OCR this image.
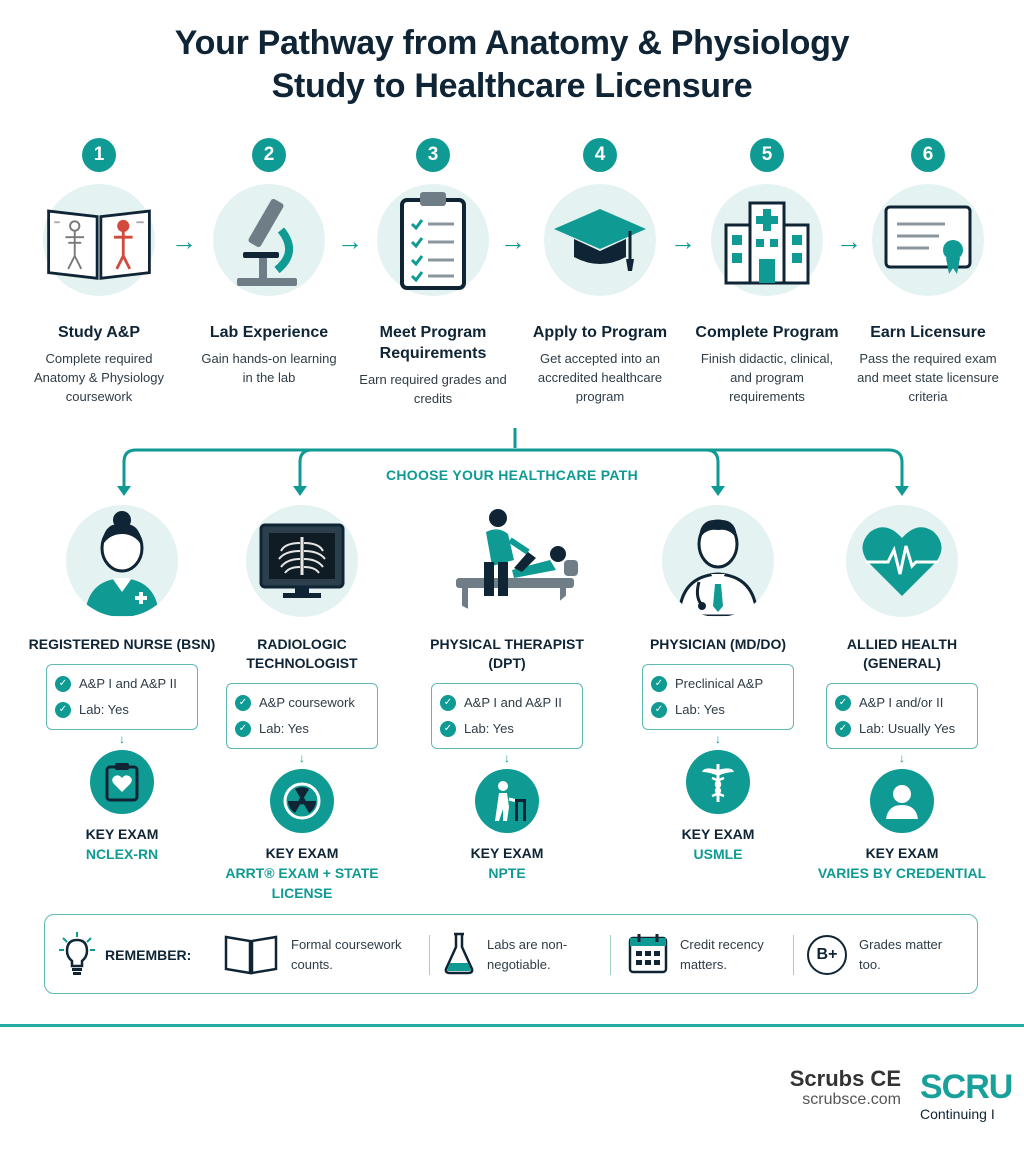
Your Pathway from Anatomy & Physiology
Study to Healthcare Licensure
1
Study A&P
Complete required Anatomy & Physiology coursework
→
2
Lab Experience
Gain hands-on learning in the lab
→
3
Meet Program Requirements
Earn required grades and credits
→
4
Apply to Program
Get accepted into an accredited healthcare program
→
5
Complete Program
Finish didactic, clinical, and program requirements
→
6
Earn Licensure
Pass the required exam and meet state licensure criteria
CHOOSE YOUR HEALTHCARE PATH
REGISTERED NURSE (BSN)
✓ A&P I and A&P II
✓ Lab: Yes
↓
KEY EXAM
NCLEX-RN
RADIOLOGIC TECHNOLOGIST
✓ A&P coursework
✓ Lab: Yes
↓
KEY EXAM
ARRT® EXAM + STATE LICENSE
PHYSICAL THERAPIST (DPT)
✓ A&P I and A&P II
✓ Lab: Yes
↓
KEY EXAM
NPTE
PHYSICIAN (MD/DO)
✓ Preclinical A&P
✓ Lab: Yes
↓
KEY EXAM
USMLE
ALLIED HEALTH (GENERAL)
✓ A&P I and/or II
✓ Lab: Usually Yes
↓
KEY EXAM
VARIES BY CREDENTIAL
REMEMBER:
Formal coursework counts.
Labs are non-negotiable.
Credit recency matters.
B+
Grades matter too.
Scrubs CE
scrubsce.com SCRU
Continuing I
